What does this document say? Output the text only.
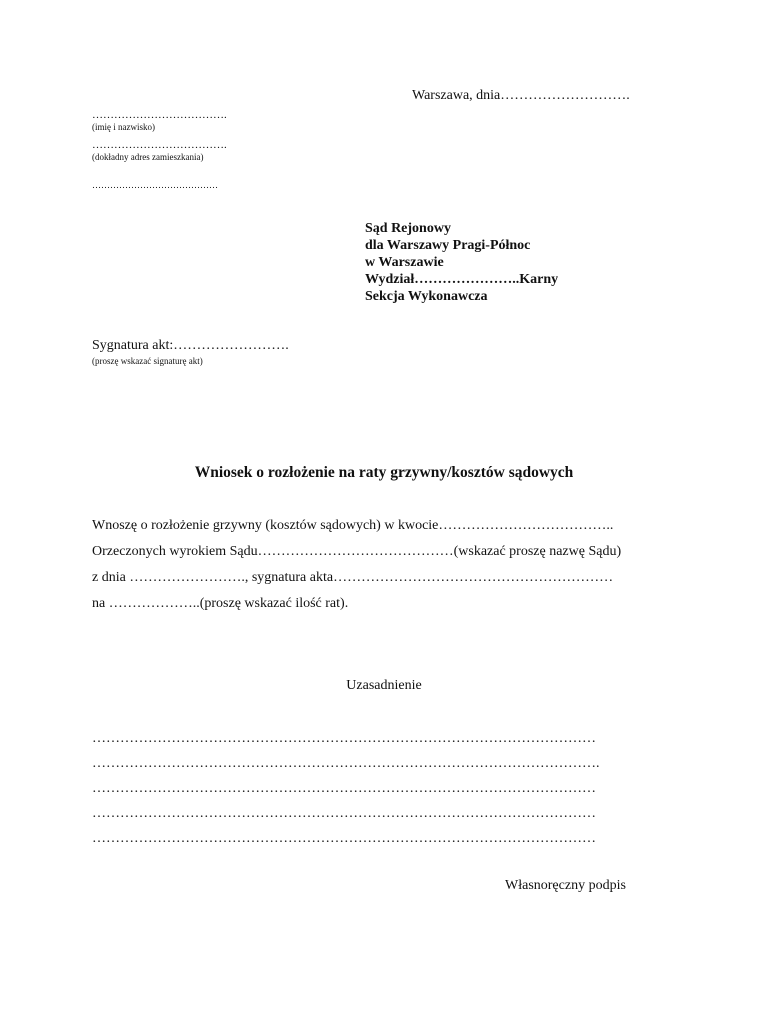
Warszawa, dnia……………………….
……………………………….
(imię i nazwisko)
……………………………….
(dokładny adres zamieszkania)
……………………………………
Sąd Rejonowy
dla Warszawy Pragi-Północ
w Warszawie
Wydział…………………..Karny
Sekcja Wykonawcza
Sygnatura akt:…………………….
(proszę wskazać signaturę akt)
Wniosek o rozłożenie na raty grzywny/kosztów sądowych
Wnoszę o rozłożenie grzywny (kosztów sądowych) w kwocie………………………………..
Orzeczonych wyrokiem Sądu……………………………………(wskazać proszę nazwę Sądu)
z dnia ……………………., sygnatura akta……………………………………………………
na ………………..(proszę wskazać ilość rat).
Uzasadnienie
………………………………………………………………………………………………
……………………………………………………………………………………………….
………………………………………………………………………………………………
………………………………………………………………………………………………
………………………………………………………………………………………………
Własnoręczny podpis
